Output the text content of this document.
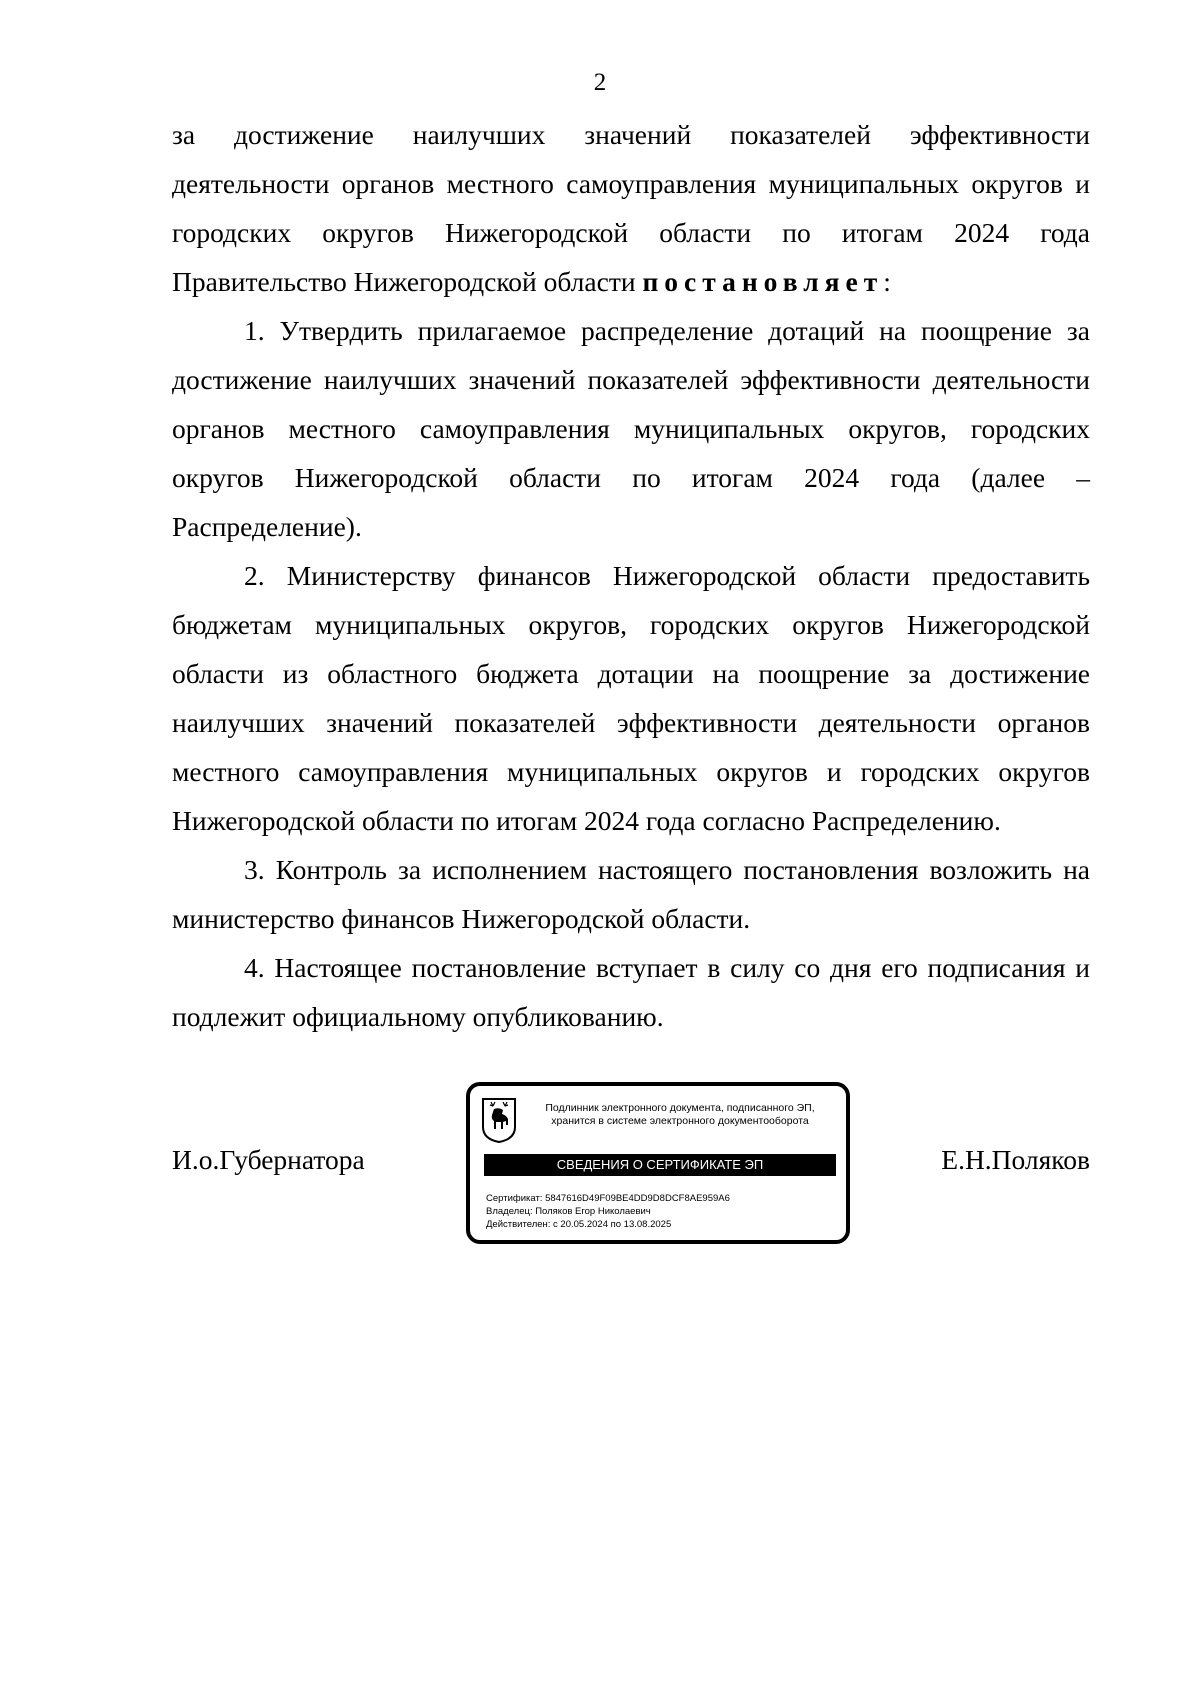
2

за достижение наилучших значений показателей эффективности деятельности органов местного самоуправления муниципальных округов и городских округов Нижегородской области по итогам 2024 года Правительство Нижегородской области постановляет:

1. Утвердить прилагаемое распределение дотаций на поощрение за достижение наилучших значений показателей эффективности деятельности органов местного самоуправления муниципальных округов, городских округов Нижегородской области по итогам 2024 года (далее – Распределение).

2. Министерству финансов Нижегородской области предоставить бюджетам муниципальных округов, городских округов Нижегородской области из областного бюджета дотации на поощрение за достижение наилучших значений показателей эффективности деятельности органов местного самоуправления муниципальных округов и городских округов Нижегородской области по итогам 2024 года согласно Распределению.

3. Контроль за исполнением настоящего постановления возложить на министерство финансов Нижегородской области.

4. Настоящее постановление вступает в силу со дня его подписания и подлежит официальному опубликованию.

И.о.Губернатора	Е.Н.Поляков
Подлинник электронного документа, подписанного ЭП,
хранится в системе электронного документооборота
СВЕДЕНИЯ О СЕРТИФИКАТЕ ЭП
Сертификат: 5847616D49F09BE4DD9D8DCF8AE959A6
Владелец: Поляков Егор Николаевич
Действителен: с 20.05.2024 по 13.08.2025
